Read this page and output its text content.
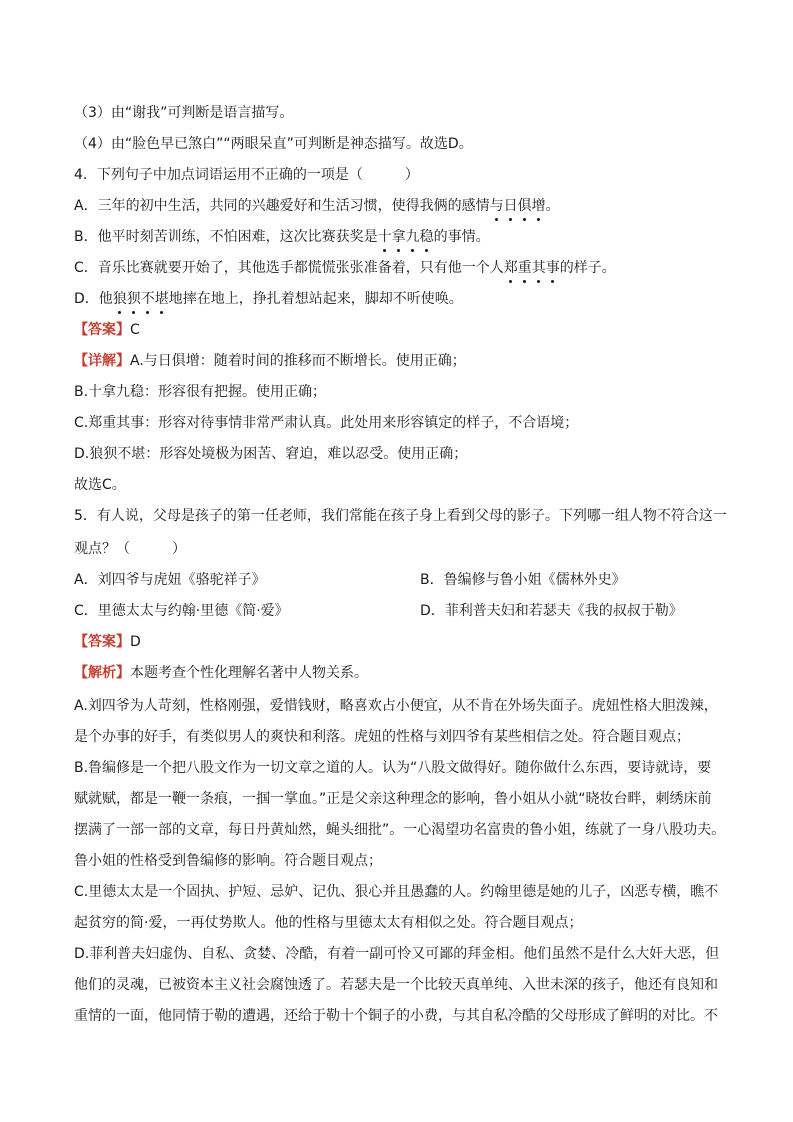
（3）由“谢我”可判断是语言描写。
（4）由“脸色早已煞白”“两眼呆直”可判断是神态描写。故选D。
4．下列句子中加点词语运用不正确的一项是（　　　）
A．三年的初中生活，共同的兴趣爱好和生活习惯，使得我俩的感情与日俱增。
B．他平时刻苦训练，不怕困难，这次比赛获奖是十拿九稳的事情。
C．音乐比赛就要开始了，其他选手都慌慌张张准备着，只有他一个人郑重其事的样子。
D．他狼狈不堪地摔在地上，挣扎着想站起来，脚却不听使唤。
【答案】C
【详解】A.与日俱增：随着时间的推移而不断增长。使用正确；
B.十拿九稳：形容很有把握。使用正确；
C.郑重其事：形容对待事情非常严肃认真。此处用来形容镇定的样子，不合语境；
D.狼狈不堪：形容处境极为困苦、窘迫，难以忍受。使用正确；
故选C。
5．有人说，父母是孩子的第一任老师，我们常能在孩子身上看到父母的影子。下列哪一组人物不符合这一
观点？（　　　）
A．刘四爷与虎妞《骆驼祥子》	B．鲁编修与鲁小姐《儒林外史》
C．里德太太与约翰·里德《简·爱》	D．菲利普夫妇和若瑟夫《我的叔叔于勒》
【答案】D
【解析】本题考查个性化理解名著中人物关系。
A.刘四爷为人苛刻，性格刚强，爱惜钱财，略喜欢占小便宜，从不肯在外场失面子。虎妞性格大胆泼辣，
是个办事的好手，有类似男人的爽快和利落。虎妞的性格与刘四爷有某些相信之处。符合题目观点；
B.鲁编修是一个把八股文作为一切文章之道的人。认为“八股文做得好。随你做什么东西，要诗就诗，要
赋就赋，都是一鞭一条痕，一掴一掌血。”正是父亲这种理念的影响，鲁小姐从小就“晓妆台畔，刺绣床前
摆满了一部一部的文章，每日丹黄灿然，蝇头细批”。一心渴望功名富贵的鲁小姐，练就了一身八股功夫。
鲁小姐的性格受到鲁编修的影响。符合题目观点；
C.里德太太是一个固执、护短、忌妒、记仇、狠心并且愚蠢的人。约翰里德是她的儿子，凶恶专横，瞧不
起贫穷的简·爱，一再仗势欺人。他的性格与里德太太有相似之处。符合题目观点；
D.菲利普夫妇虚伪、自私、贪婪、冷酷，有着一副可怜又可鄙的拜金相。他们虽然不是什么大奸大恶，但
他们的灵魂，已被资本主义社会腐蚀透了。若瑟夫是一个比较天真单纯、入世未深的孩子，他还有良知和
重情的一面，他同情于勒的遭遇，还给于勒十个铜子的小费，与其自私冷酷的父母形成了鲜明的对比。不
